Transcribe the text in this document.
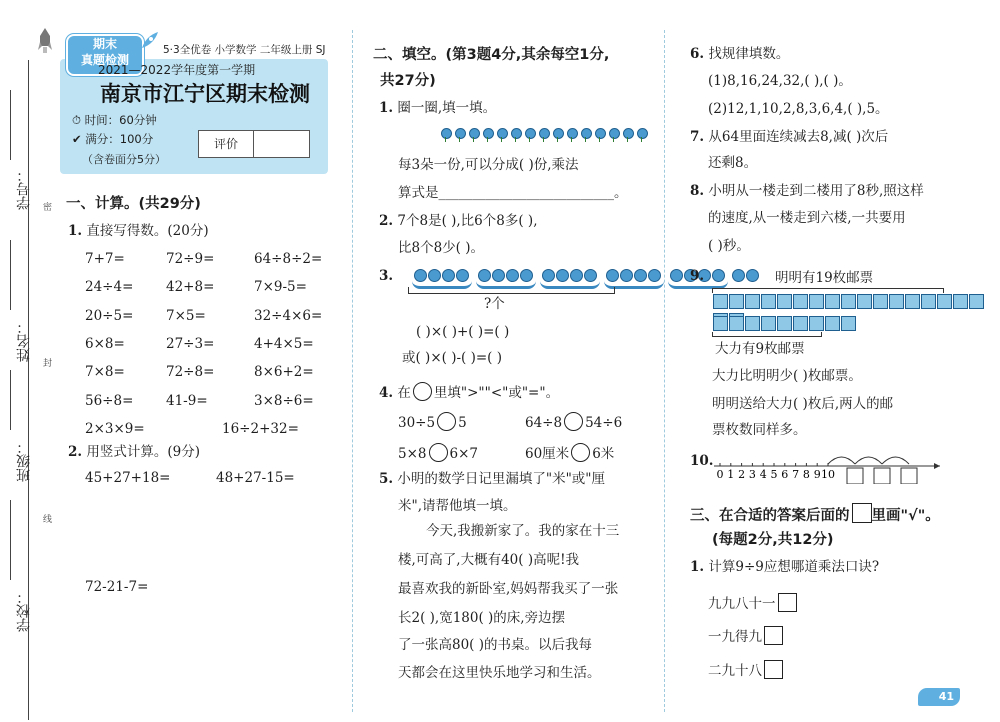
学号：
姓名：
班级：
学校：
密
封
线
期末
真题检测
5·3全优卷 小学数学 二年级上册 SJ
2021—2022学年度第一学期
南京市江宁区期末检测
⏱ 时间：60分钟
✔ 满分：100分
（含卷面分5分）
评价
一、计算。(共29分)
1. 直接写得数。(20分)
7+7=	72÷9=	64÷8÷2=
24÷4= 42+8=	7×9-5=
20÷5= 7×5=	32÷4×6=
6×8=	27÷3=	4+4×5=
7×8=	72÷8=	8×6+2=
56÷8= 41-9=	3×8÷6=
2×3×9=	16÷2+32=
2. 用竖式计算。(9分)
45+27+18=	48+27-15=
72-21-7=
二、填空。(第3题4分,其余每空1分,
共27分)
1. 圈一圈,填一填。
每3朵一份,可以分成( )份,乘法
算式是__________________________。
2. 7个8是( ),比6个8多( ),
比8个8少( )。
3.
?个
( )×( )+( )=( )
或( )×( )-( )=( )
4. 在 里填">""<"或"="。
30÷5 5	64÷8 54÷6
5×8 6×7	60厘米 6米
5. 小明的数学日记里漏填了"米"或"厘
米",请帮他填一填。
今天,我搬新家了。我的家在十三
楼,可高了,大概有40( )高呢!我
最喜欢我的新卧室,妈妈帮我买了一张
长2( ),宽180( )的床,旁边摆
了一张高80( )的书桌。以后我每
天都会在这里快乐地学习和生活。
6. 找规律填数。
(1)8,16,24,32,( ),( )。
(2)12,1,10,2,8,3,6,4,( ),5。
7. 从64里面连续减去8,减( )次后
还剩8。
8. 小明从一楼走到二楼用了8秒,照这样
的速度,从一楼走到六楼,一共要用
( )秒。
9.	明明有19枚邮票
大力有9枚邮票
大力比明明少( )枚邮票。
明明送给大力( )枚后,两人的邮
票枚数同样多。
10.
0 1 2 3 4 5 6 7 8 9 10
三、在合适的答案后面的 里画"√"。
(每题2分,共12分)
1. 计算9÷9应想哪道乘法口诀?
九九八十一
一九得九
二九十八
41
